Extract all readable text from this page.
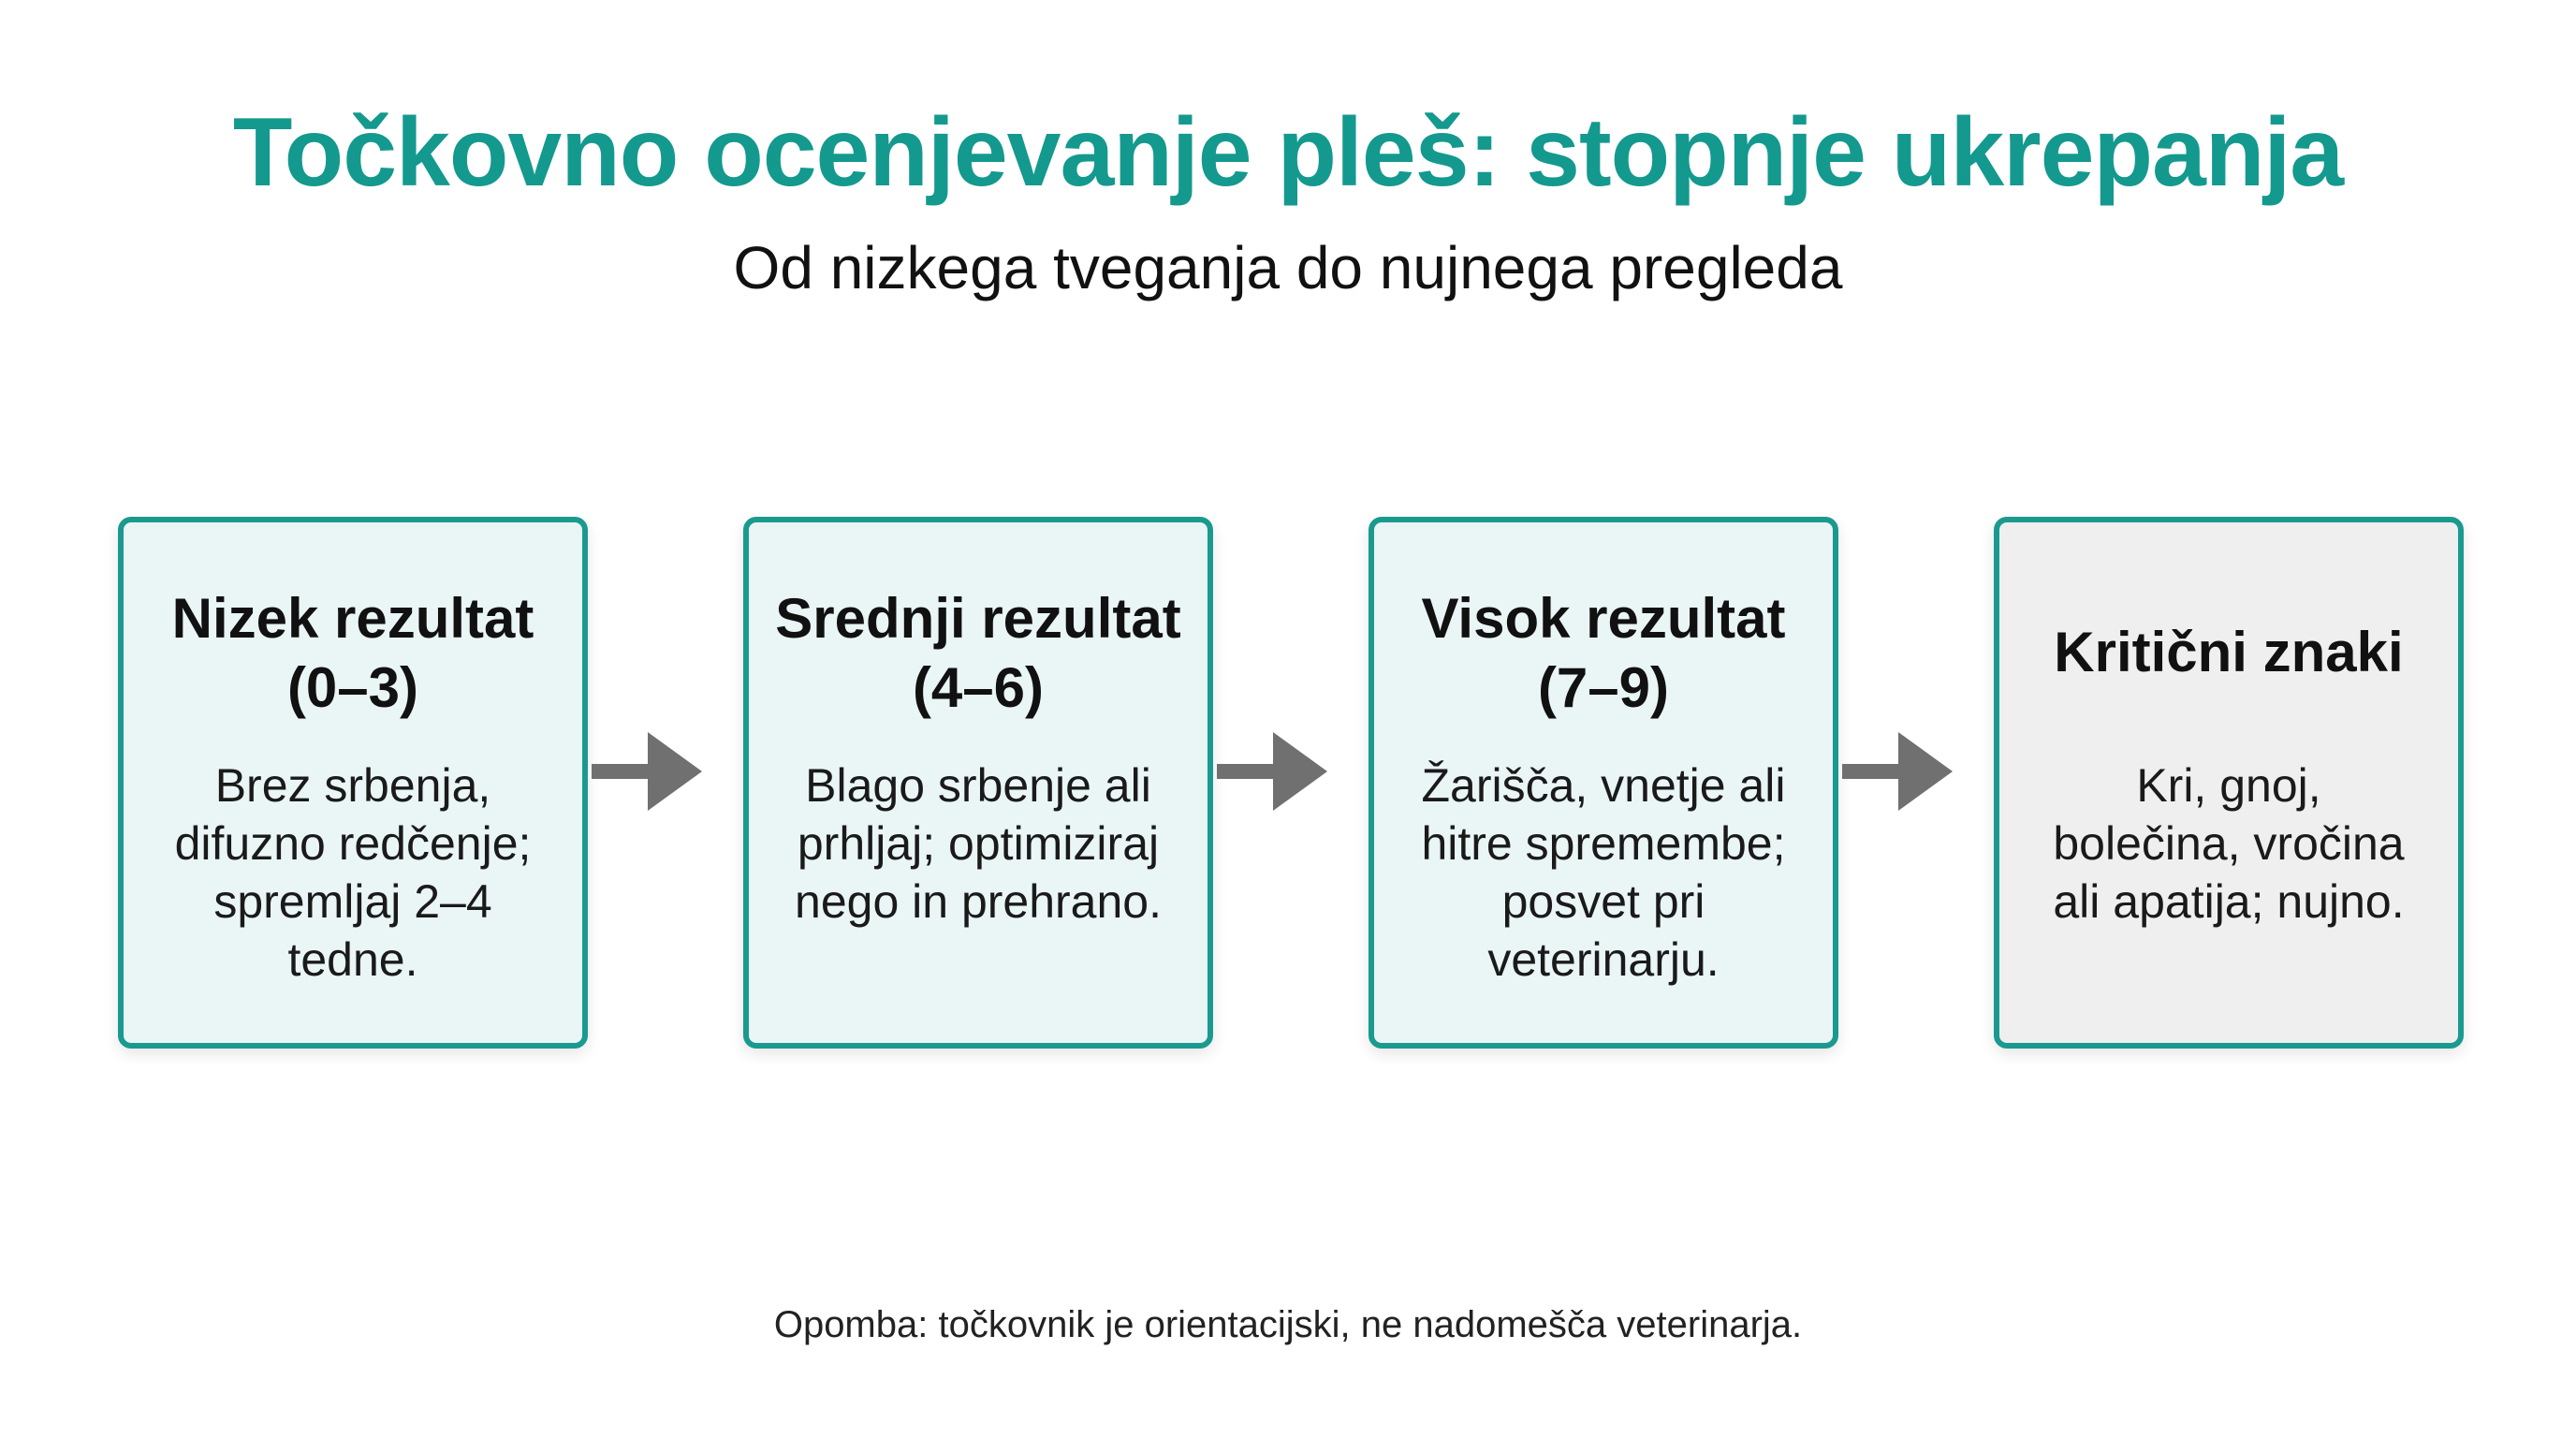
Točkovno ocenjevanje pleš: stopnje ukrepanja
Od nizkega tveganja do nujnega pregleda
Nizek rezultat
(0–3)
Brez srbenja, difuzno redčenje; spremljaj 2–4 tedne.
Srednji rezultat
(4–6)
Blago srbenje ali prhljaj; optimiziraj nego in prehrano.
Visok rezultat
(7–9)
Žarišča, vnetje ali hitre spremembe; posvet pri veterinarju.
Kritični znaki
Kri, gnoj, bolečina, vročina ali apatija; nujno.
Opomba: točkovnik je orientacijski, ne nadomešča veterinarja.
